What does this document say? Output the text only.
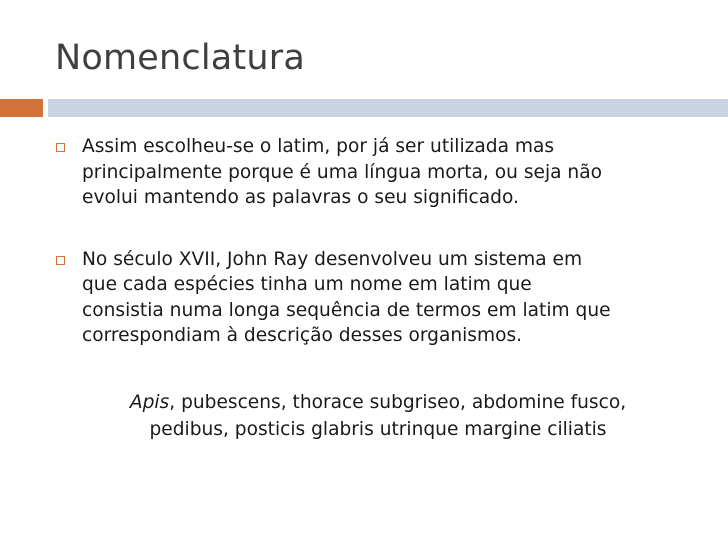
Nomenclatura

Assim escolheu-se o latim, por já ser utilizada mas
principalmente porque é uma língua morta, ou seja não
evolui mantendo as palavras o seu significado.

No século XVII, John Ray desenvolveu um sistema em
que cada espécies tinha um nome em latim que
consistia numa longa sequência de termos em latim que
correspondiam à descrição desses organismos.

Apis, pubescens, thorace subgriseo, abdomine fusco,
pedibus, posticis glabris utrinque margine ciliatis
